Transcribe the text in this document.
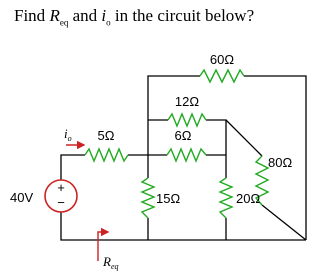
Find $R_{eq}$ and $i_o$ in the circuit below?
+
−
$i_o$
$R_{eq}$
60Ω
12Ω
5Ω	6Ω
80Ω
15Ω	20Ω
40V
